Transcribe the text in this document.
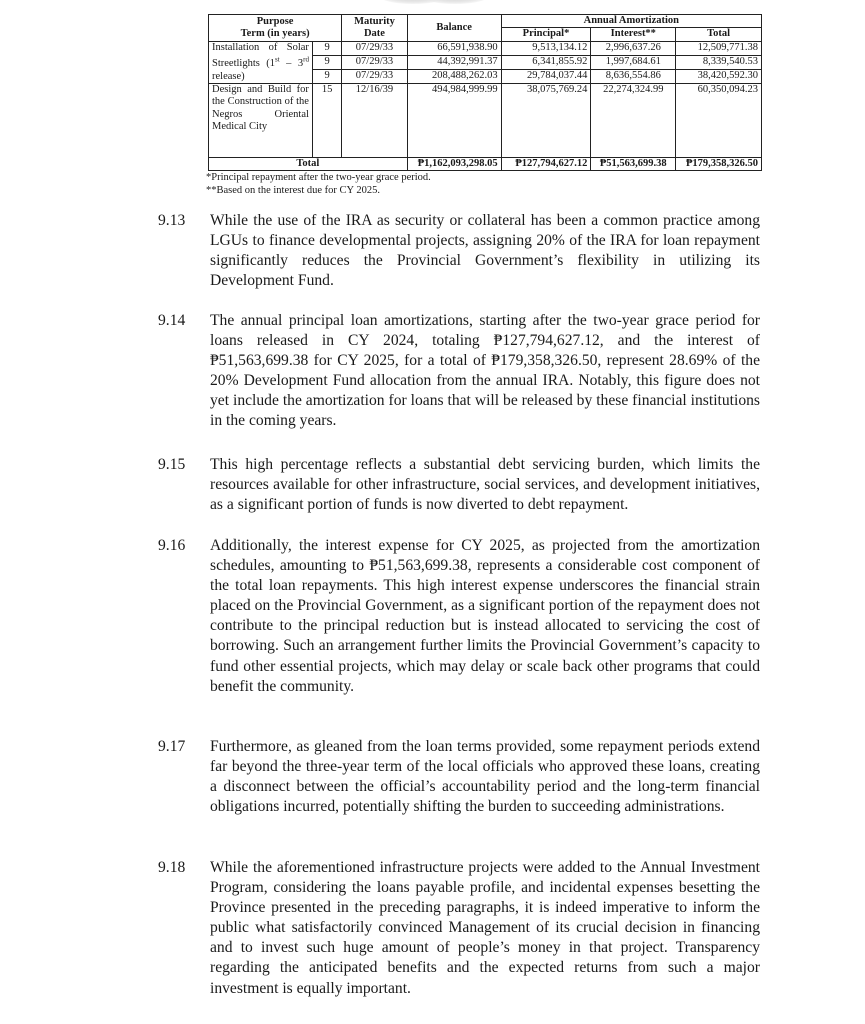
Purpose
Term (in years)		Maturity Date	Balance	Annual Amortization		
				Principal*	Interest**	Total
Installation of Solar Streetlights (1st – 3rd release)	9	07/29/33	66,591,938.90	9,513,134.12	2,996,637.26	12,509,771.38
	9	07/29/33	44,392,991.37	6,341,855.92	1,997,684.61	8,339,540.53
	9	07/29/33	208,488,262.03	29,784,037.44	8,636,554.86	38,420,592.30
Design and Build for the Construction of the Negros Oriental Medical City	15	12/16/39	494,984,999.99	38,075,769.24	22,274,324.99	60,350,094.23
Total			₱1,162,093,298.05	₱127,794,627.12	₱51,563,699.38	₱179,358,326.50
*Principal repayment after the two-year grace period.
**Based on the interest due for CY 2025.
9.13 While the use of the IRA as security or collateral has been a common practice among LGUs to finance developmental projects, assigning 20% of the IRA for loan repayment significantly reduces the Provincial Government’s flexibility in utilizing its Development Fund.
9.14 The annual principal loan amortizations, starting after the two-year grace period for loans released in CY 2024, totaling ₱127,794,627.12, and the interest of ₱51,563,699.38 for CY 2025, for a total of ₱179,358,326.50, represent 28.69% of the 20% Development Fund allocation from the annual IRA. Notably, this figure does not yet include the amortization for loans that will be released by these financial institutions in the coming years.
9.15 This high percentage reflects a substantial debt servicing burden, which limits the resources available for other infrastructure, social services, and development initiatives, as a significant portion of funds is now diverted to debt repayment.
9.16 Additionally, the interest expense for CY 2025, as projected from the amortization schedules, amounting to ₱51,563,699.38, represents a considerable cost component of the total loan repayments. This high interest expense underscores the financial strain placed on the Provincial Government, as a significant portion of the repayment does not contribute to the principal reduction but is instead allocated to servicing the cost of borrowing. Such an arrangement further limits the Provincial Government’s capacity to fund other essential projects, which may delay or scale back other programs that could benefit the community.
9.17 Furthermore, as gleaned from the loan terms provided, some repayment periods extend far beyond the three-year term of the local officials who approved these loans, creating a disconnect between the official’s accountability period and the long-term financial obligations incurred, potentially shifting the burden to succeeding administrations.
9.18 While the aforementioned infrastructure projects were added to the Annual Investment Program, considering the loans payable profile, and incidental expenses besetting the Province presented in the preceding paragraphs, it is indeed imperative to inform the public what satisfactorily convinced Management of its crucial decision in financing and to invest such huge amount of people’s money in that project. Transparency regarding the anticipated benefits and the expected returns from such a major investment is equally important.
